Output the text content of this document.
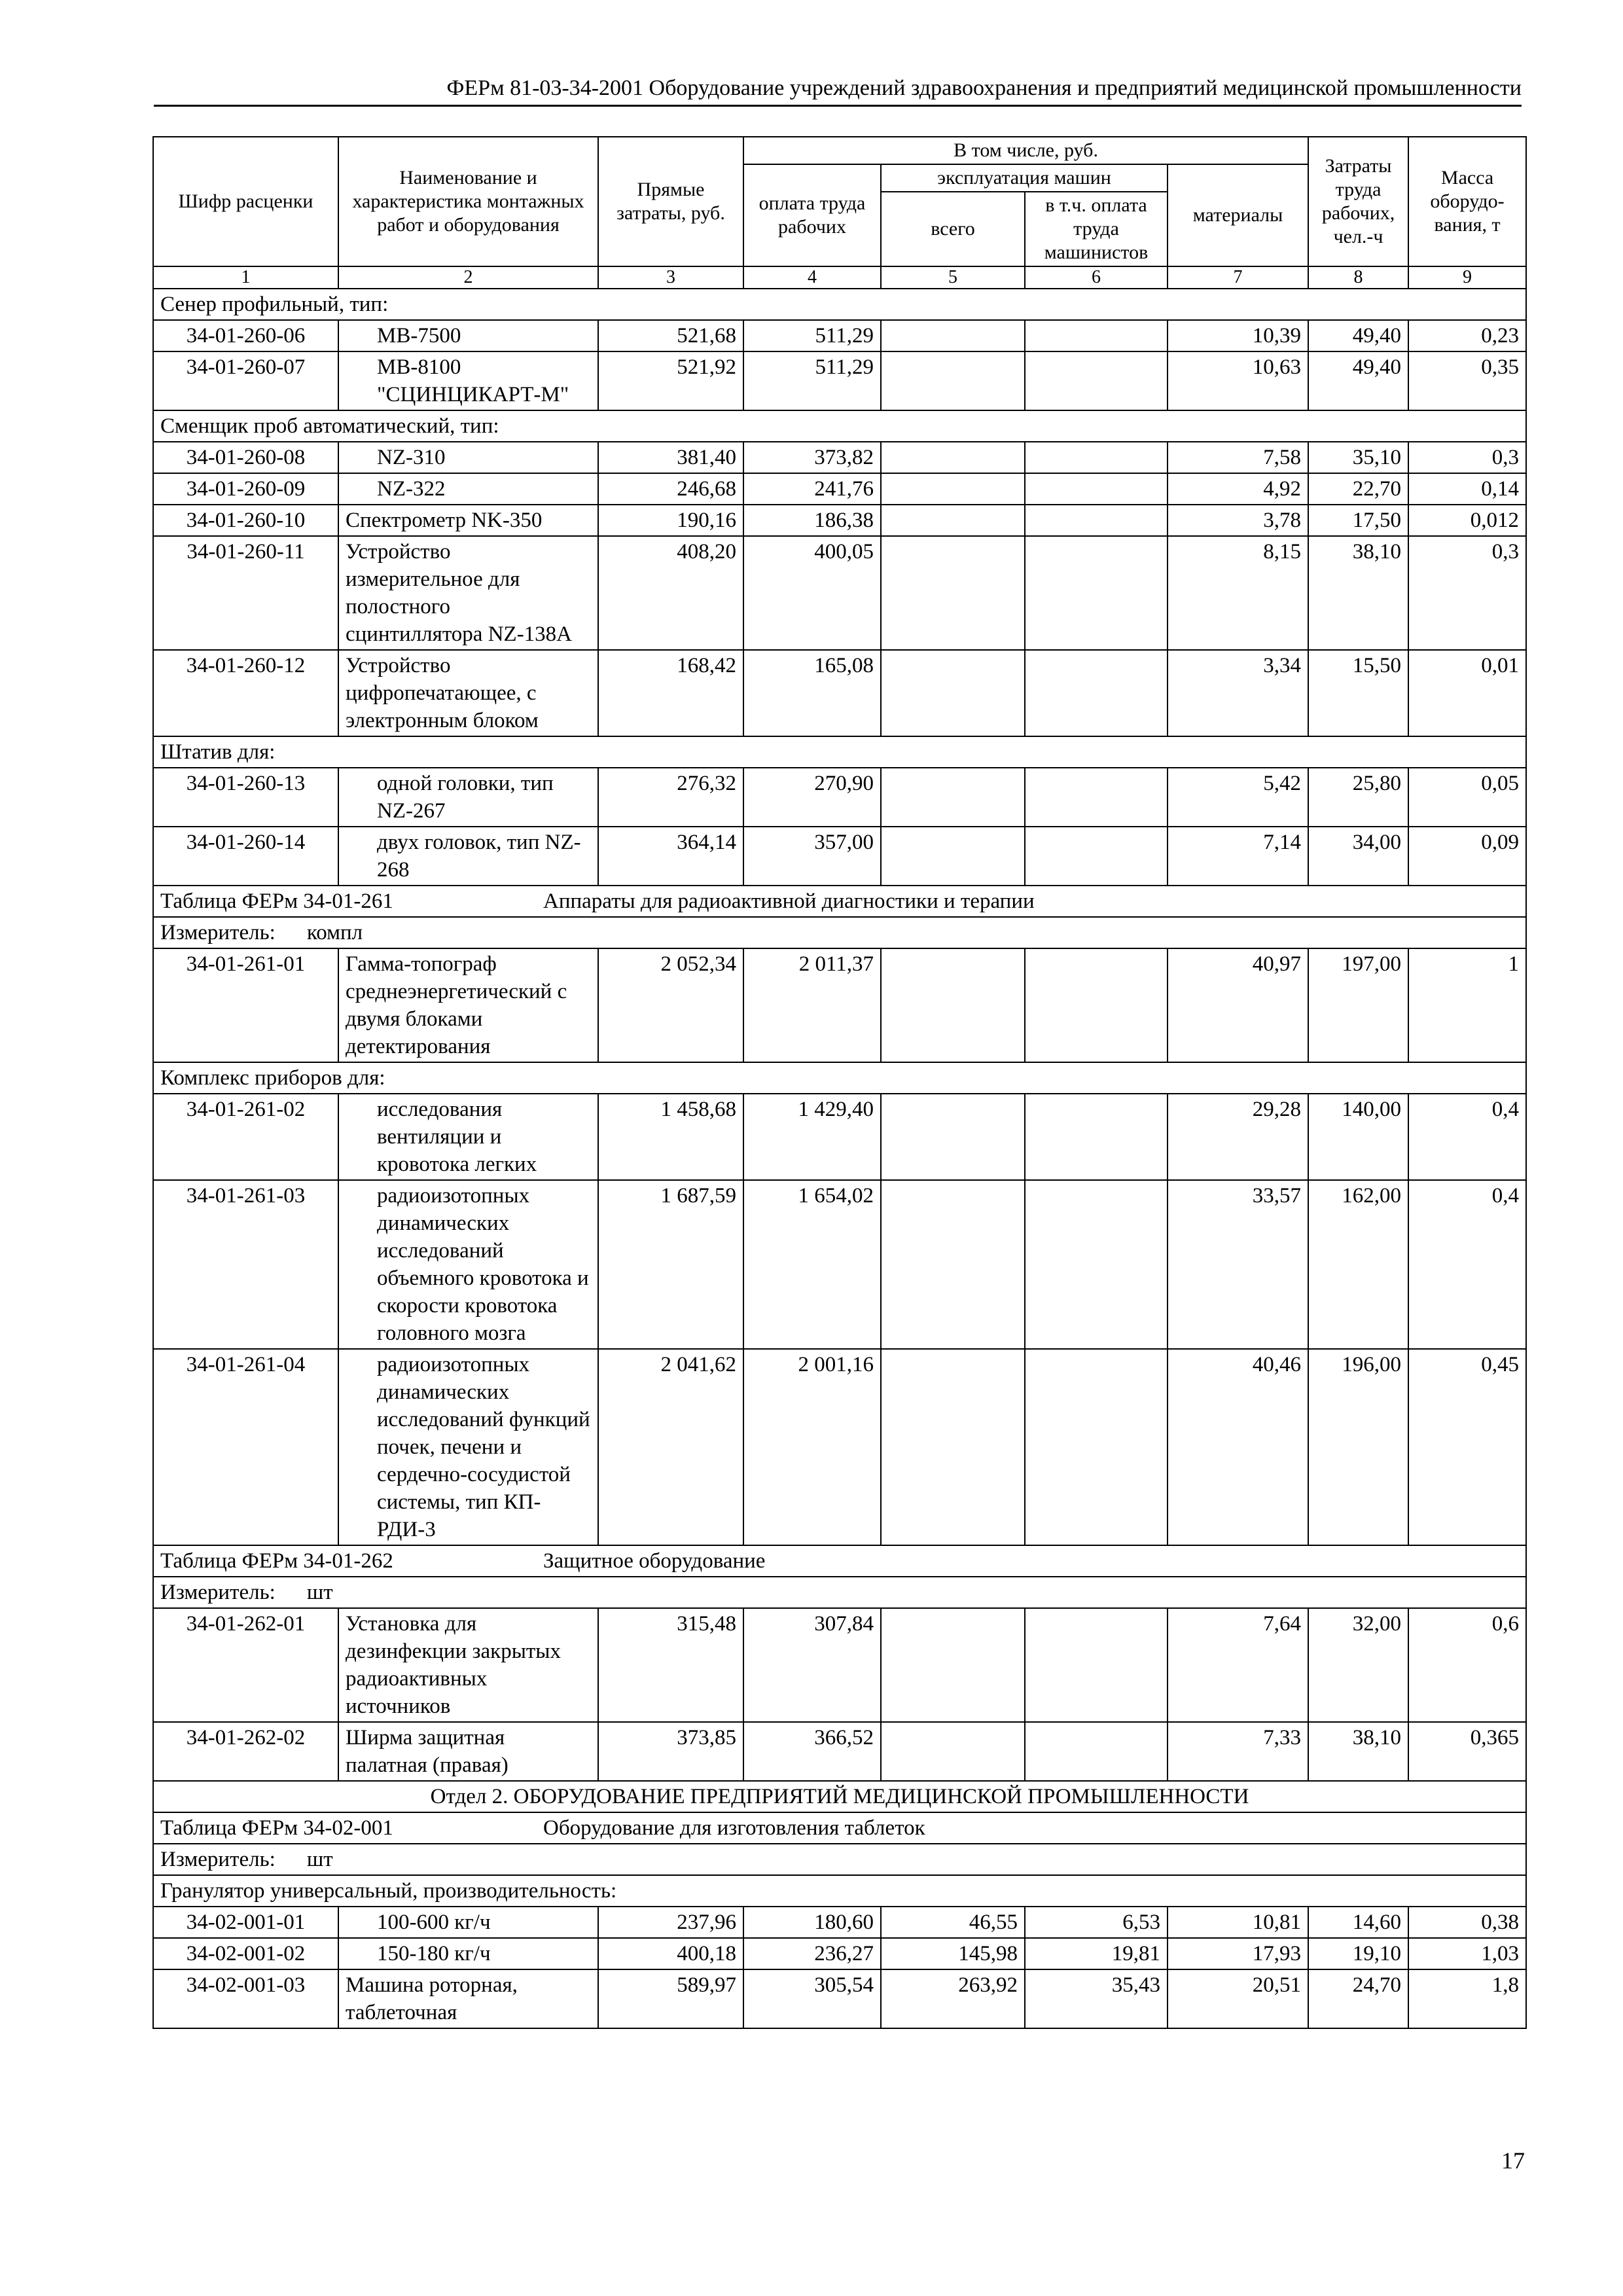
ФЕРм 81-03-34-2001 Оборудование учреждений здравоохранения и предприятий медицинской промышленности
Шифр расценки	Наименование и характеристика монтажных работ и оборудования	Прямые затраты, руб.	В том числе, руб.				Затраты труда рабочих, чел.-ч	Масса оборудо-вания, т
			оплата труда рабочих	эксплуатация машин		материалы		
				всего	в т.ч. оплата труда машинистов			
1	2	3	4	5	6	7	8	9
Сенер профильный, тип:								
34-01-260-06	МВ-7500	521,68	511,29			10,39	49,40	0,23
34-01-260-07	МВ-8100 "СЦИНЦИКАРТ-М"	521,92	511,29			10,63	49,40	0,35
Сменщик проб автоматический, тип:								
34-01-260-08	NZ-310	381,40	373,82			7,58	35,10	0,3
34-01-260-09	NZ-322	246,68	241,76			4,92	22,70	0,14
34-01-260-10	Спектрометр NK-350	190,16	186,38			3,78	17,50	0,012
34-01-260-11	Устройство измерительное для полостного сцинтиллятора NZ-138А	408,20	400,05			8,15	38,10	0,3
34-01-260-12	Устройство цифропечатающее, с электронным блоком	168,42	165,08			3,34	15,50	0,01
Штатив для:								
34-01-260-13	одной головки, тип NZ-267	276,32	270,90			5,42	25,80	0,05
34-01-260-14	двух головок, тип NZ-268	364,14	357,00			7,14	34,00	0,09
Таблица ФЕРм 34-01-261 Аппараты для радиоактивной диагностики и терапии								
Измеритель: компл								
34-01-261-01	Гамма-топограф среднеэнергетический с двумя блоками детектирования	2 052,34	2 011,37			40,97	197,00	1
Комплекс приборов для:								
34-01-261-02	исследования вентиляции и кровотока легких	1 458,68	1 429,40			29,28	140,00	0,4
34-01-261-03	радиоизотопных динамических исследований объемного кровотока и скорости кровотока головного мозга	1 687,59	1 654,02			33,57	162,00	0,4
34-01-261-04	радиоизотопных динамических исследований функций почек, печени и сердечно-сосудистой системы, тип КП-РДИ-3	2 041,62	2 001,16			40,46	196,00	0,45
Таблица ФЕРм 34-01-262 Защитное оборудование								
Измеритель: шт								
34-01-262-01	Установка для дезинфекции закрытых радиоактивных источников	315,48	307,84			7,64	32,00	0,6
34-01-262-02	Ширма защитная палатная (правая)	373,85	366,52			7,33	38,10	0,365
Отдел 2. ОБОРУДОВАНИЕ ПРЕДПРИЯТИЙ МЕДИЦИНСКОЙ ПРОМЫШЛЕННОСТИ								
Таблица ФЕРм 34-02-001 Оборудование для изготовления таблеток								
Измеритель: шт								
Гранулятор универсальный, производительность:								
34-02-001-01	100-600 кг/ч	237,96	180,60	46,55	6,53	10,81	14,60	0,38
34-02-001-02	150-180 кг/ч	400,18	236,27	145,98	19,81	17,93	19,10	1,03
34-02-001-03	Машина роторная, таблеточная	589,97	305,54	263,92	35,43	20,51	24,70	1,8
17
